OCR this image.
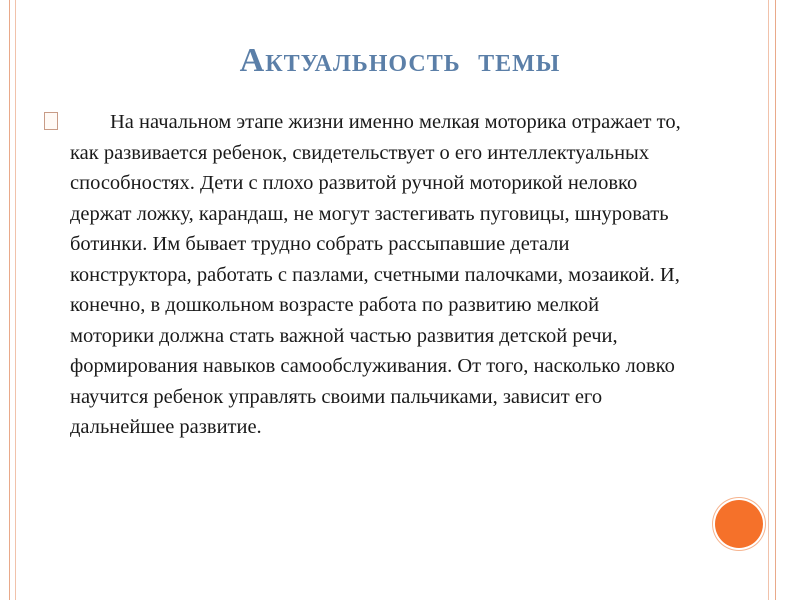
Актуальность темы

На начальном этапе жизни именно мелкая моторика отражает то, как развивается ребенок, свидетельствует о его интеллектуальных способностях. Дети с плохо развитой ручной моторикой неловко держат ложку, карандаш, не могут застегивать пуговицы, шнуровать ботинки. Им бывает трудно собрать рассыпавшие детали конструктора, работать с пазлами, счетными палочками, мозаикой. И, конечно, в дошкольном возрасте работа по развитию мелкой моторики должна стать важной частью развития детской речи, формирования навыков самообслуживания. От того, насколько ловко научится ребенок управлять своими пальчиками, зависит его дальнейшее развитие.
